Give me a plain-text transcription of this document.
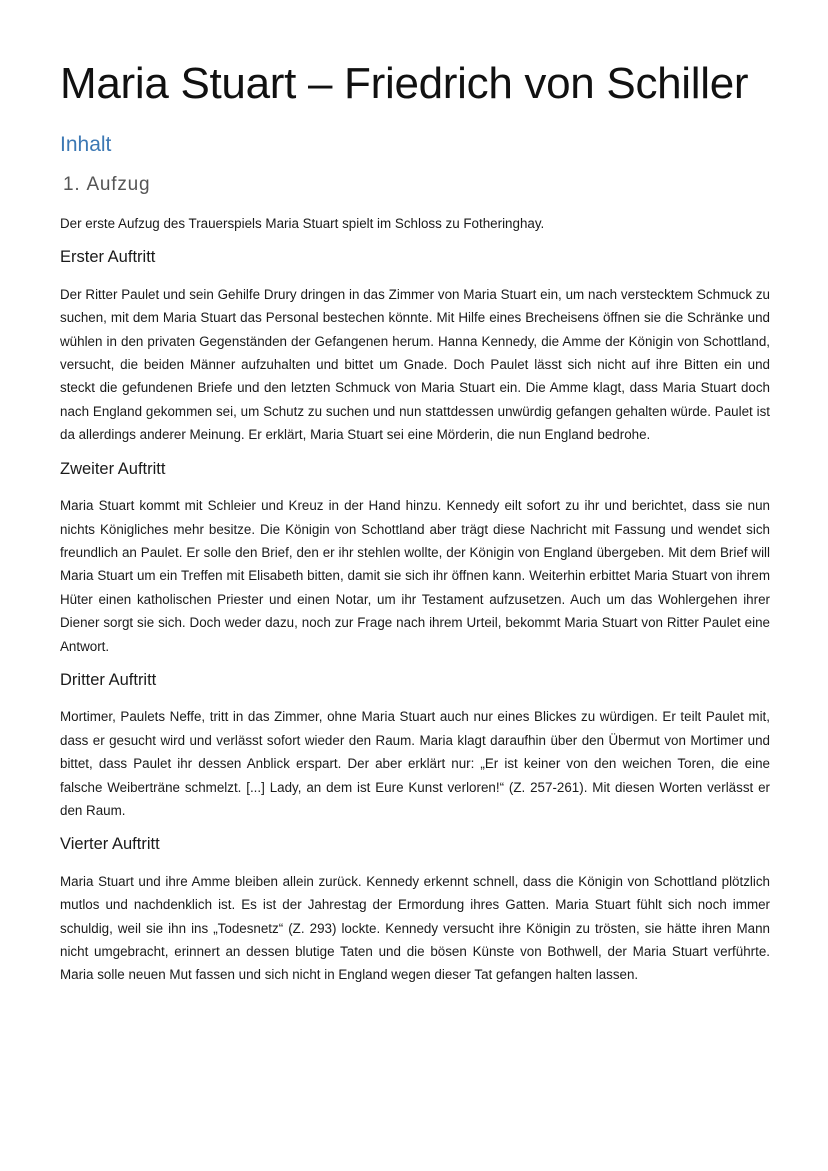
Maria Stuart – Friedrich von Schiller
Inhalt
1. Aufzug

Der erste Aufzug des Trauerspiels Maria Stuart spielt im Schloss zu Fotheringhay.

Erster Auftritt

Der Ritter Paulet und sein Gehilfe Drury dringen in das Zimmer von Maria Stuart ein, um nach verstecktem Schmuck zu suchen, mit dem Maria Stuart das Personal bestechen könnte. Mit Hilfe eines Brecheisens öffnen sie die Schränke und wühlen in den privaten Gegenständen der Gefangenen herum. Hanna Kennedy, die Amme der Königin von Schottland, versucht, die beiden Männer aufzuhalten und bittet um Gnade. Doch Paulet lässt sich nicht auf ihre Bitten ein und steckt die gefundenen Briefe und den letzten Schmuck von Maria Stuart ein. Die Amme klagt, dass Maria Stuart doch nach England gekommen sei, um Schutz zu suchen und nun stattdessen unwürdig gefangen gehalten würde. Paulet ist da allerdings anderer Meinung. Er erklärt, Maria Stuart sei eine Mörderin, die nun England bedrohe.

Zweiter Auftritt

Maria Stuart kommt mit Schleier und Kreuz in der Hand hinzu. Kennedy eilt sofort zu ihr und berichtet, dass sie nun nichts Königliches mehr besitze. Die Königin von Schottland aber trägt diese Nachricht mit Fassung und wendet sich freundlich an Paulet. Er solle den Brief, den er ihr stehlen wollte, der Königin von England übergeben. Mit dem Brief will Maria Stuart um ein Treffen mit Elisabeth bitten, damit sie sich ihr öffnen kann. Weiterhin erbittet Maria Stuart von ihrem Hüter einen katholischen Priester und einen Notar, um ihr Testament aufzusetzen. Auch um das Wohlergehen ihrer Diener sorgt sie sich. Doch weder dazu, noch zur Frage nach ihrem Urteil, bekommt Maria Stuart von Ritter Paulet eine Antwort.

Dritter Auftritt

Mortimer, Paulets Neffe, tritt in das Zimmer, ohne Maria Stuart auch nur eines Blickes zu würdigen. Er teilt Paulet mit, dass er gesucht wird und verlässt sofort wieder den Raum. Maria klagt daraufhin über den Übermut von Mortimer und bittet, dass Paulet ihr dessen Anblick erspart. Der aber erklärt nur: „Er ist keiner von den weichen Toren, die eine falsche Weiberträne schmelzt. [...] Lady, an dem ist Eure Kunst verloren!“ (Z. 257-261). Mit diesen Worten verlässt er den Raum.

Vierter Auftritt

Maria Stuart und ihre Amme bleiben allein zurück. Kennedy erkennt schnell, dass die Königin von Schottland plötzlich mutlos und nachdenklich ist. Es ist der Jahrestag der Ermordung ihres Gatten. Maria Stuart fühlt sich noch immer schuldig, weil sie ihn ins „Todesnetz“ (Z. 293) lockte. Kennedy versucht ihre Königin zu trösten, sie hätte ihren Mann nicht umgebracht, erinnert an dessen blutige Taten und die bösen Künste von Bothwell, der Maria Stuart verführte. Maria solle neuen Mut fassen und sich nicht in England wegen dieser Tat gefangen halten lassen.
